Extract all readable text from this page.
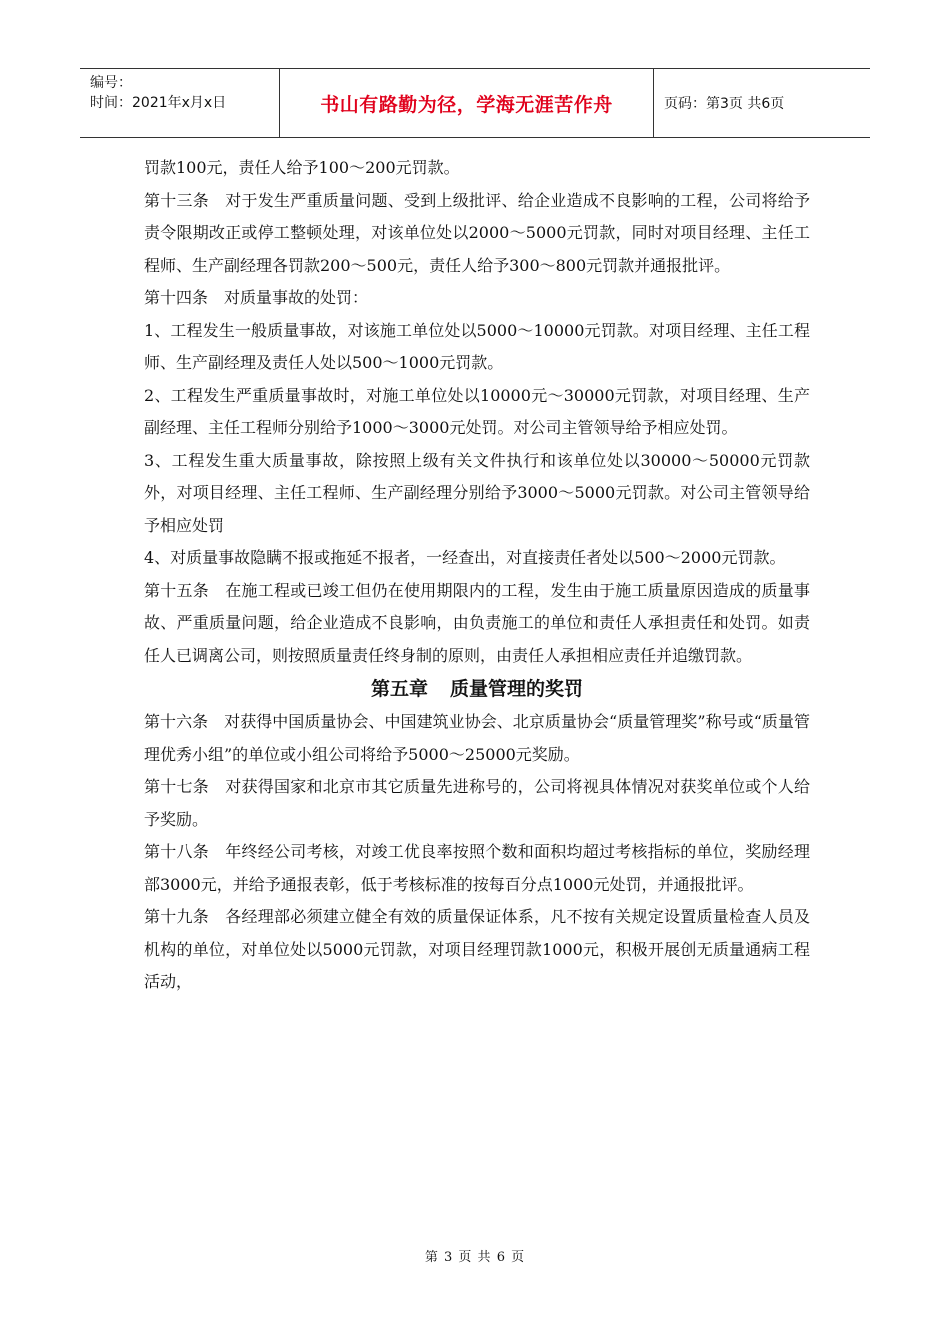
编号：
时间：2021年x月x日	书山有路勤为径，学海无涯苦作舟	页码：第3页 共6页

罚款100元，责任人给予100～200元罚款。

第十三条　对于发生严重质量问题、受到上级批评、给企业造成不良影响的工程，公司将给予责令限期改正或停工整顿处理，对该单位处以2000～5000元罚款，同时对项目经理、主任工程师、生产副经理各罚款200～500元，责任人给予300～800元罚款并通报批评。

第十四条　对质量事故的处罚：

1、工程发生一般质量事故，对该施工单位处以5000～10000元罚款。对项目经理、主任工程师、生产副经理及责任人处以500～1000元罚款。

2、工程发生严重质量事故时，对施工单位处以10000元～30000元罚款，对项目经理、生产副经理、主任工程师分别给予1000～3000元处罚。对公司主管领导给予相应处罚。

3、工程发生重大质量事故，除按照上级有关文件执行和该单位处以30000～50000元罚款外，对项目经理、主任工程师、生产副经理分别给予3000～5000元罚款。对公司主管领导给予相应处罚

4、对质量事故隐瞒不报或拖延不报者，一经查出，对直接责任者处以500～2000元罚款。

第十五条　在施工程或已竣工但仍在使用期限内的工程，发生由于施工质量原因造成的质量事故、严重质量问题，给企业造成不良影响，由负责施工的单位和责任人承担责任和处罚。如责任人已调离公司，则按照质量责任终身制的原则，由责任人承担相应责任并追缴罚款。

第五章 质量管理的奖罚

第十六条　对获得中国质量协会、中国建筑业协会、北京质量协会“质量管理奖”称号或“质量管理优秀小组”的单位或小组公司将给予5000～25000元奖励。

第十七条　对获得国家和北京市其它质量先进称号的，公司将视具体情况对获奖单位或个人给予奖励。

第十八条　年终经公司考核，对竣工优良率按照个数和面积均超过考核指标的单位，奖励经理部3000元，并给予通报表彰，低于考核标准的按每百分点1000元处罚，并通报批评。

第十九条　各经理部必须建立健全有效的质量保证体系，凡不按有关规定设置质量检查人员及机构的单位，对单位处以5000元罚款，对项目经理罚款1000元，积极开展创无质量通病工程活动，

第 3 页 共 6 页
